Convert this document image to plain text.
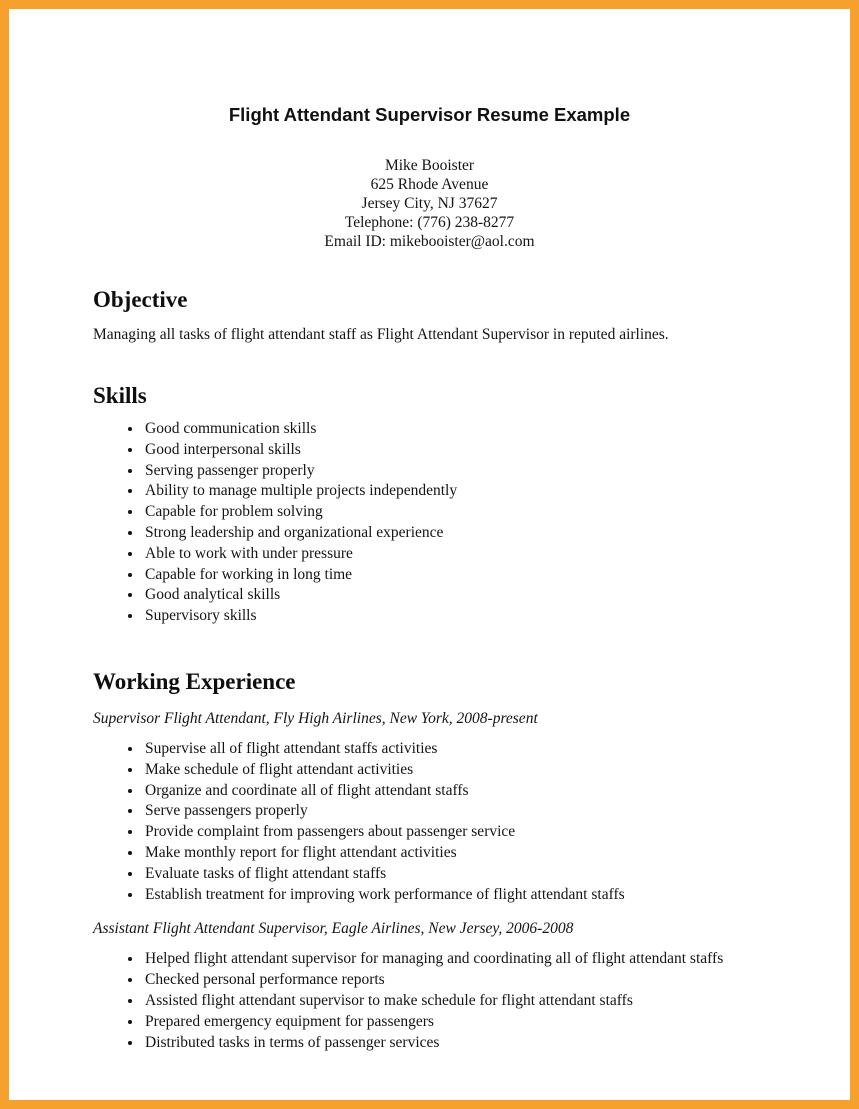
Flight Attendant Supervisor Resume Example
Mike Booister
625 Rhode Avenue
Jersey City, NJ 37627
Telephone: (776) 238-8277
Email ID: mikebooister@aol.com
Objective
Managing all tasks of flight attendant staff as Flight Attendant Supervisor in reputed airlines.
Skills
• Good communication skills
• Good interpersonal skills
• Serving passenger properly
• Ability to manage multiple projects independently
• Capable for problem solving
• Strong leadership and organizational experience
• Able to work with under pressure
• Capable for working in long time
• Good analytical skills
• Supervisory skills
Working Experience
Supervisor Flight Attendant, Fly High Airlines, New York, 2008-present
• Supervise all of flight attendant staffs activities
• Make schedule of flight attendant activities
• Organize and coordinate all of flight attendant staffs
• Serve passengers properly
• Provide complaint from passengers about passenger service
• Make monthly report for flight attendant activities
• Evaluate tasks of flight attendant staffs
• Establish treatment for improving work performance of flight attendant staffs
Assistant Flight Attendant Supervisor, Eagle Airlines, New Jersey, 2006-2008
• Helped flight attendant supervisor for managing and coordinating all of flight attendant staffs
• Checked personal performance reports
• Assisted flight attendant supervisor to make schedule for flight attendant staffs
• Prepared emergency equipment for passengers
• Distributed tasks in terms of passenger services
